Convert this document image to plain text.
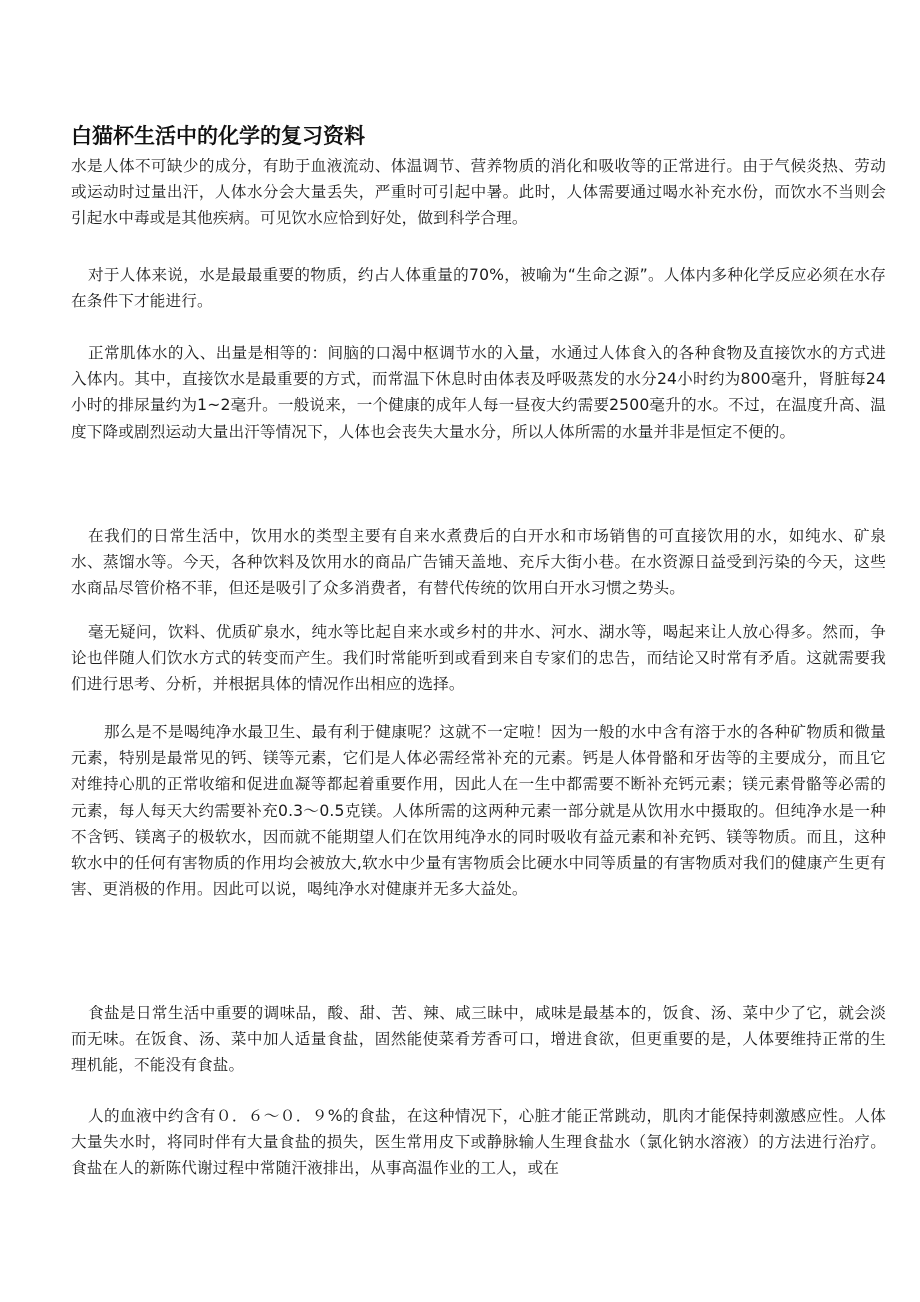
白猫杯生活中的化学的复习资料

水是人体不可缺少的成分，有助于血液流动、体温调节、营养物质的消化和吸收等的正常进行。由于气候炎热、劳动或运动时过量出汗，人体水分会大量丢失，严重时可引起中暑。此时，人体需要通过喝水补充水份，而饮水不当则会引起水中毒或是其他疾病。可见饮水应恰到好处，做到科学合理。

对于人体来说，水是最最重要的物质，约占人体重量的70%，被喻为“生命之源”。人体内多种化学反应必须在水存在条件下才能进行。

正常肌体水的入、出量是相等的：间脑的口渴中枢调节水的入量，水通过人体食入的各种食物及直接饮水的方式进入体内。其中，直接饮水是最重要的方式，而常温下休息时由体表及呼吸蒸发的水分24小时约为800毫升，肾脏每24小时的排尿量约为1~2毫升。一般说来，一个健康的成年人每一昼夜大约需要2500毫升的水。不过，在温度升高、温度下降或剧烈运动大量出汗等情况下，人体也会丧失大量水分，所以人体所需的水量并非是恒定不便的。

在我们的日常生活中，饮用水的类型主要有自来水煮费后的白开水和市场销售的可直接饮用的水，如纯水、矿泉水、蒸馏水等。今天，各种饮料及饮用水的商品广告铺天盖地、充斥大街小巷。在水资源日益受到污染的今天，这些水商品尽管价格不菲，但还是吸引了众多消费者，有替代传统的饮用白开水习惯之势头。

毫无疑问，饮料、优质矿泉水，纯水等比起自来水或乡村的井水、河水、湖水等，喝起来让人放心得多。然而，争论也伴随人们饮水方式的转变而产生。我们时常能听到或看到来自专家们的忠告，而结论又时常有矛盾。这就需要我们进行思考、分析，并根据具体的情况作出相应的选择。

那么是不是喝纯净水最卫生、最有利于健康呢？这就不一定啦！因为一般的水中含有溶于水的各种矿物质和微量元素，特别是最常见的钙、镁等元素，它们是人体必需经常补充的元素。钙是人体骨骼和牙齿等的主要成分，而且它对维持心肌的正常收缩和促进血凝等都起着重要作用，因此人在一生中都需要不断补充钙元素；镁元素骨骼等必需的元素，每人每天大约需要补充0.3～0.5克镁。人体所需的这两种元素一部分就是从饮用水中摄取的。但纯净水是一种不含钙、镁离子的极软水，因而就不能期望人们在饮用纯净水的同时吸收有益元素和补充钙、镁等物质。而且，这种软水中的任何有害物质的作用均会被放大,软水中少量有害物质会比硬水中同等质量的有害物质对我们的健康产生更有害、更消极的作用。因此可以说，喝纯净水对健康并无多大益处。

食盐是日常生活中重要的调味品，酸、甜、苦、辣、咸三昧中，咸味是最基本的，饭食、汤、菜中少了它，就会淡而无味。在饭食、汤、菜中加人适量食盐，固然能使菜肴芳香可口，增进食欲，但更重要的是，人体要维持正常的生理机能，不能没有食盐。

人的血液中约含有０．６～０．９%的食盐，在这种情况下，心脏才能正常跳动，肌肉才能保持刺激感应性。人体大量失水时，将同时伴有大量食盐的损失，医生常用皮下或静脉输人生理食盐水（氯化钠水溶液）的方法进行治疗。食盐在人的新陈代谢过程中常随汗液排出，从事高温作业的工人，或在
